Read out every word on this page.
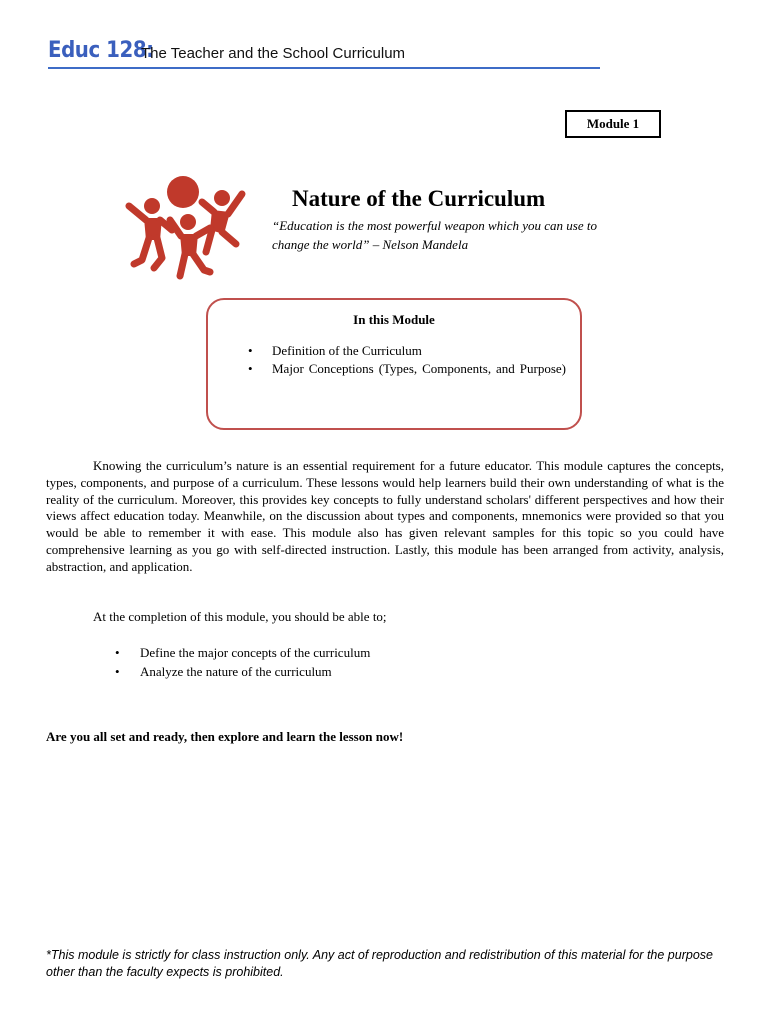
Educ 128:
The Teacher and the School Curriculum
Module 1
Nature of the Curriculum
“Education is the most powerful weapon which you can use to change the world” – Nelson Mandela
In this Module
• Definition of the Curriculum
• Major Conceptions (Types, Components, and Purpose)
Knowing the curriculum’s nature is an essential requirement for a future educator. This module captures the concepts, types, components, and purpose of a curriculum. These lessons would help learners build their own understanding of what is the reality of the curriculum. Moreover, this provides key concepts to fully understand scholars' different perspectives and how their views affect education today. Meanwhile, on the discussion about types and components, mnemonics were provided so that you would be able to remember it with ease. This module also has given relevant samples for this topic so you could have comprehensive learning as you go with self-directed instruction. Lastly, this module has been arranged from activity, analysis, abstraction, and application.
At the completion of this module, you should be able to;
• Define the major concepts of the curriculum
• Analyze the nature of the curriculum
Are you all set and ready, then explore and learn the lesson now!
*This module is strictly for class instruction only. Any act of reproduction and redistribution of this material for the purpose other than the faculty expects is prohibited.
